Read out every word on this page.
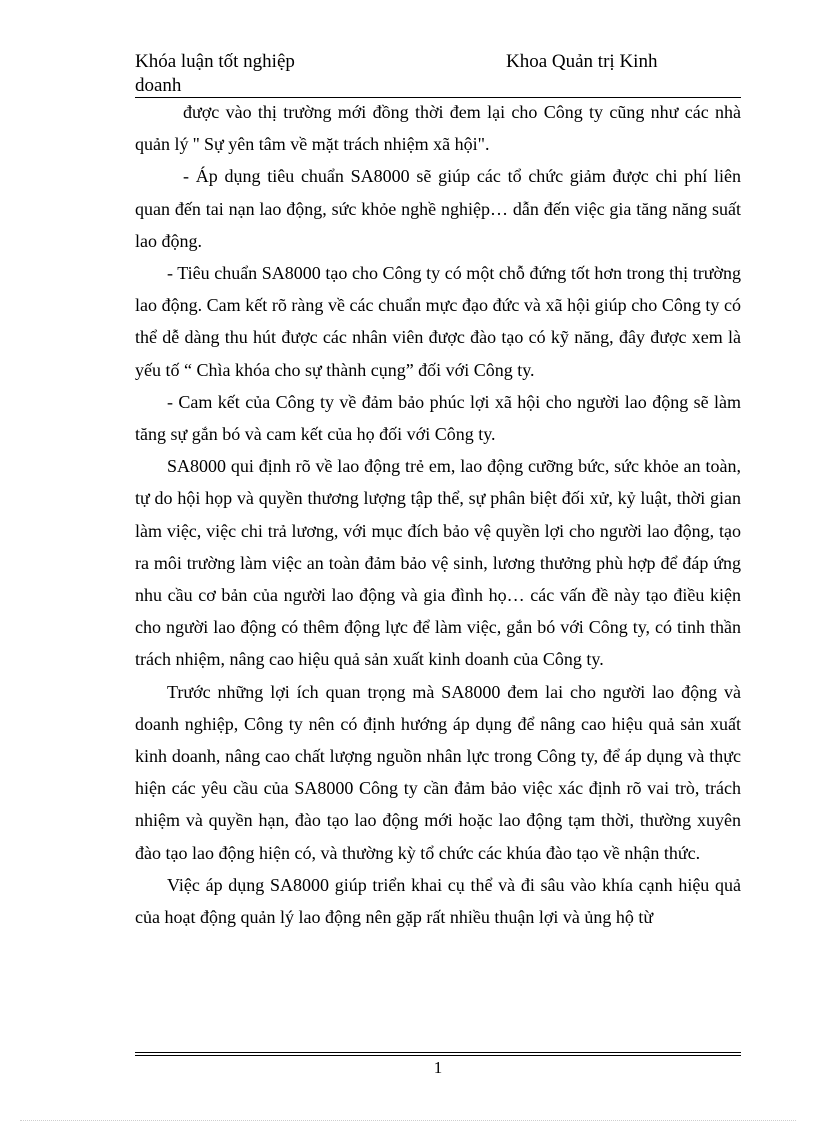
Khóa luận tốt nghiệp	Khoa Quản trị Kinh
doanh

được vào thị trường mới đồng thời đem lại cho Công ty cũng như các nhà quản lý '' Sự yên tâm về mặt trách nhiệm xã hội".

- Áp dụng tiêu chuẩn SA8000 sẽ giúp các tổ chức giảm được chi phí liên quan đến tai nạn lao động, sức khỏe nghề nghiệp… dẫn đến việc gia tăng năng suất lao động.

- Tiêu chuẩn SA8000 tạo cho Công ty có một chỗ đứng tốt hơn trong thị trường lao động. Cam kết rõ ràng về các chuẩn mực đạo đức và xã hội giúp cho Công ty có thể dễ dàng thu hút được các nhân viên được đào tạo có kỹ năng, đây được xem là yếu tố “ Chìa khóa cho sự thành cụng” đối với Công ty.

- Cam kết của Công ty về đảm bảo phúc lợi xã hội cho người lao động sẽ làm tăng sự gắn bó và cam kết của họ đối với Công ty.

SA8000 qui định rõ về lao động trẻ em, lao động cưỡng bức, sức khỏe an toàn, tự do hội họp và quyền thương lượng tập thể, sự phân biệt đối xử, kỷ luật, thời gian làm việc, việc chi trả lương, với mục đích bảo vệ quyền lợi cho người lao động, tạo ra môi trường làm việc an toàn đảm bảo vệ sinh, lương thưởng phù hợp để đáp ứng nhu cầu cơ bản của người lao động và gia đình họ… các vấn đề này tạo điều kiện cho người lao động có thêm động lực để làm việc, gắn bó với Công ty, có tinh thần trách nhiệm, nâng cao hiệu quả sản xuất kinh doanh của Công ty.

Trước những lợi ích quan trọng mà SA8000 đem lai cho người lao động và doanh nghiệp, Công ty nên có định hướng áp dụng để nâng cao hiệu quả sản xuất kinh doanh, nâng cao chất lượng nguồn nhân lực trong Công ty, để áp dụng và thực hiện các yêu cầu của SA8000 Công ty cần đảm bảo việc xác định rõ vai trò, trách nhiệm và quyền hạn, đào tạo lao động mới hoặc lao động tạm thời, thường xuyên đào tạo lao động hiện có, và thường kỳ tổ chức các khúa đào tạo về nhận thức.

Việc áp dụng SA8000 giúp triển khai cụ thể và đi sâu vào khía cạnh hiệu quả của hoạt động quản lý lao động nên gặp rất nhiều thuận lợi và ủng hộ từ

1
